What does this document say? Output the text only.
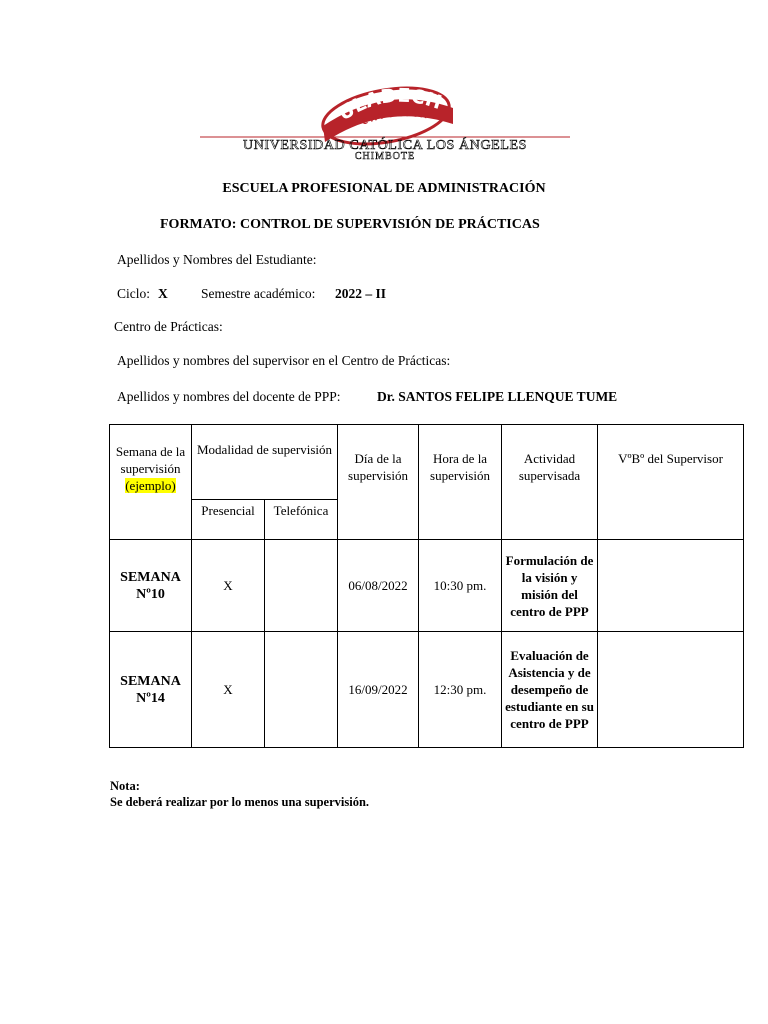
ULADECH
CATÓLICA
UNIVERSIDAD CATÓLICA LOS ÁNGELES
CHIMBOTE
ESCUELA PROFESIONAL DE ADMINISTRACIÓN
FORMATO: CONTROL DE SUPERVISIÓN DE PRÁCTICAS
Apellidos y Nombres del Estudiante:
Ciclo: X Semestre académico: 2022 – II
Centro de Prácticas:
Apellidos y nombres del supervisor en el Centro de Prácticas:
Apellidos y nombres del docente de PPP:	Dr. SANTOS FELIPE LLENQUE TUME
Semana de la supervisión
(ejemplo)	Modalidad de supervisión		Día de la supervisión	Hora de la supervisión	Actividad supervisada	VºBº del Supervisor
	Presencial	Telefónica				
SEMANA Nº10	X		06/08/2022	10:30 pm.	Formulación de la visión y misión del centro de PPP	
SEMANA Nº14	X		16/09/2022	12:30 pm.	Evaluación de Asistencia y de desempeño de estudiante en su centro de PPP	
Nota:
Se deberá realizar por lo menos una supervisión.
